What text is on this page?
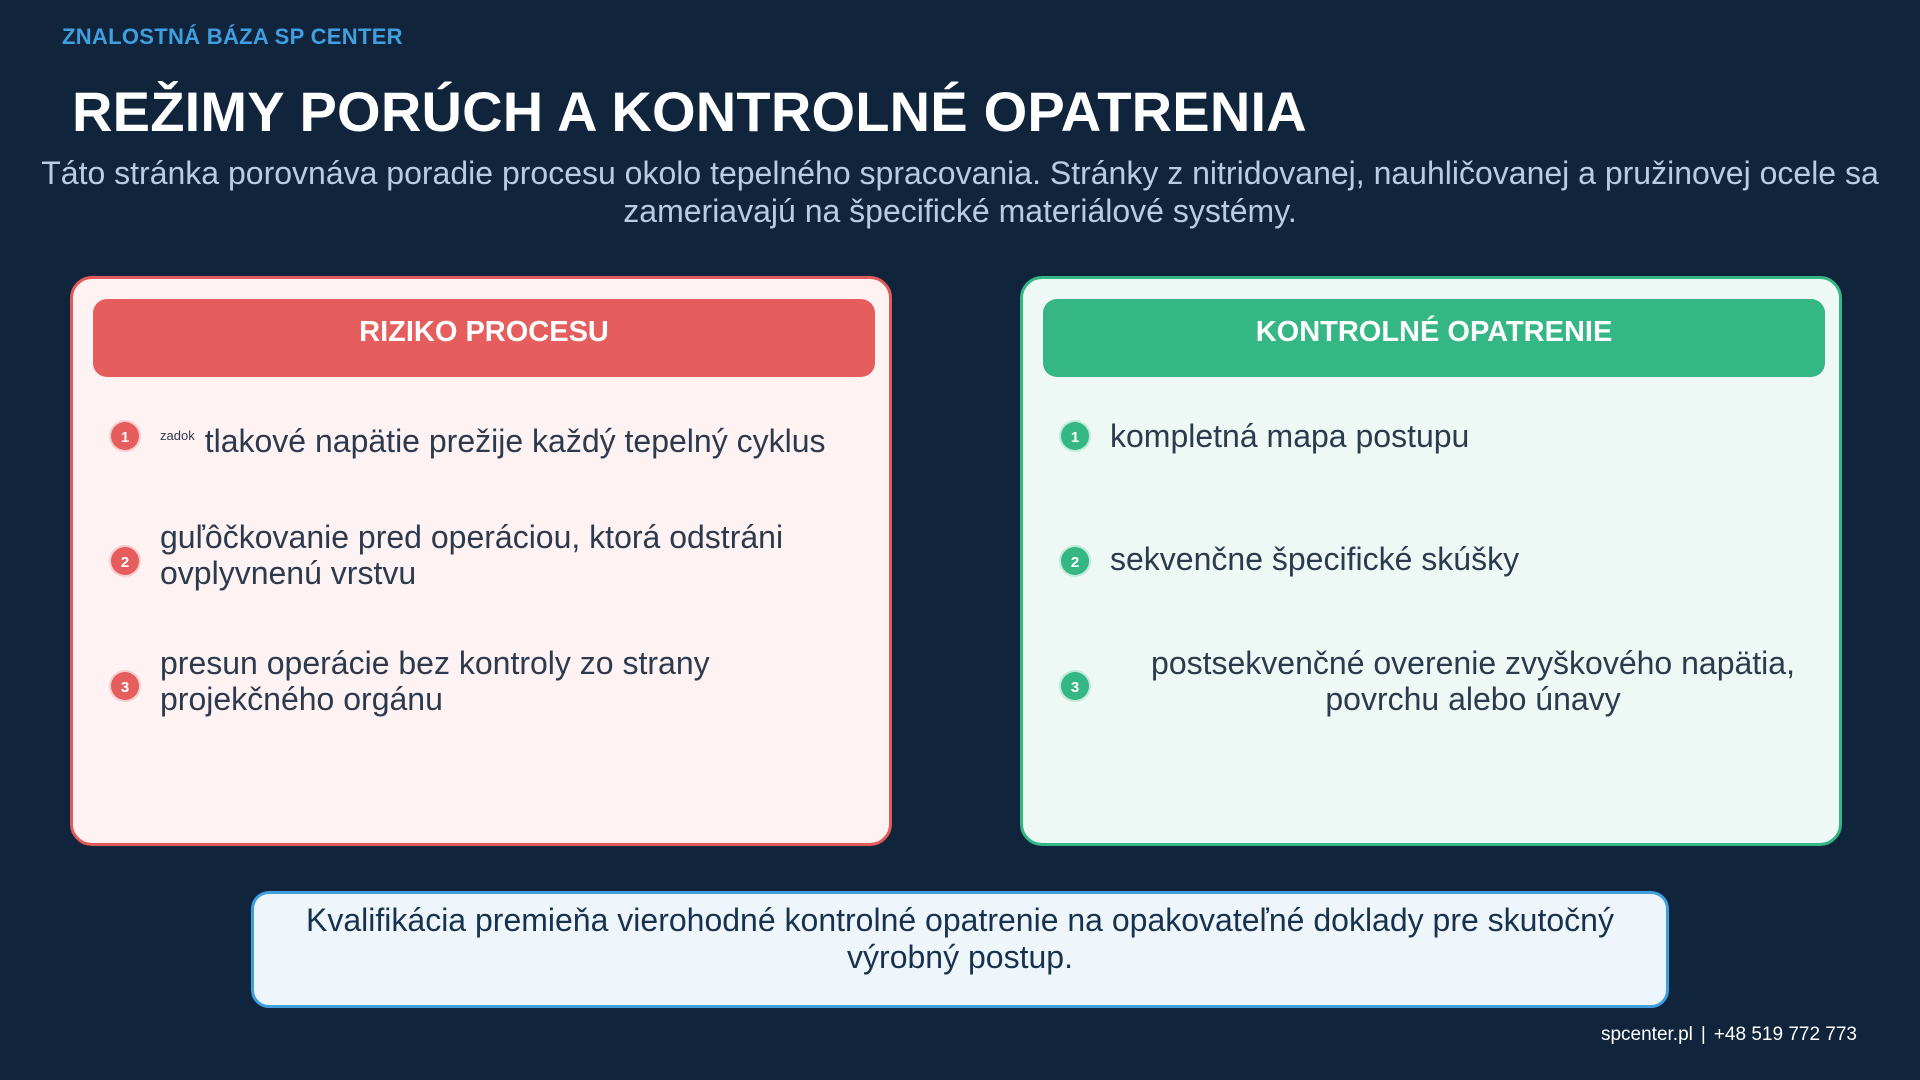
ZNALOSTNÁ BÁZA SP CENTER
REŽIMY PORÚCH A KONTROLNÉ OPATRENIA
Táto stránka porovnáva poradie procesu okolo tepelného spracovania. Stránky z nitridovanej, nauhličovanej a pružinovej ocele sa zameriavajú na špecifické materiálové systémy.
RIZIKO PROCESU
1	$^{zadok}$ tlakové napätie prežije každý tepelný cyklus
2
guľôčkovanie pred operáciou, ktorá odstráni ovplyvnenú vrstvu
3
presun operácie bez kontroly zo strany projekčného orgánu
KONTROLNÉ OPATRENIE
1 kompletná mapa postupu
2 sekvenčne špecifické skúšky
3
postsekvenčné overenie zvyškového napätia, povrchu alebo únavy
Kvalifikácia premieňa vierohodné kontrolné opatrenie na opakovateľné doklady pre skutočný výrobný postup.
spcenter.pl | +48 519 772 773
